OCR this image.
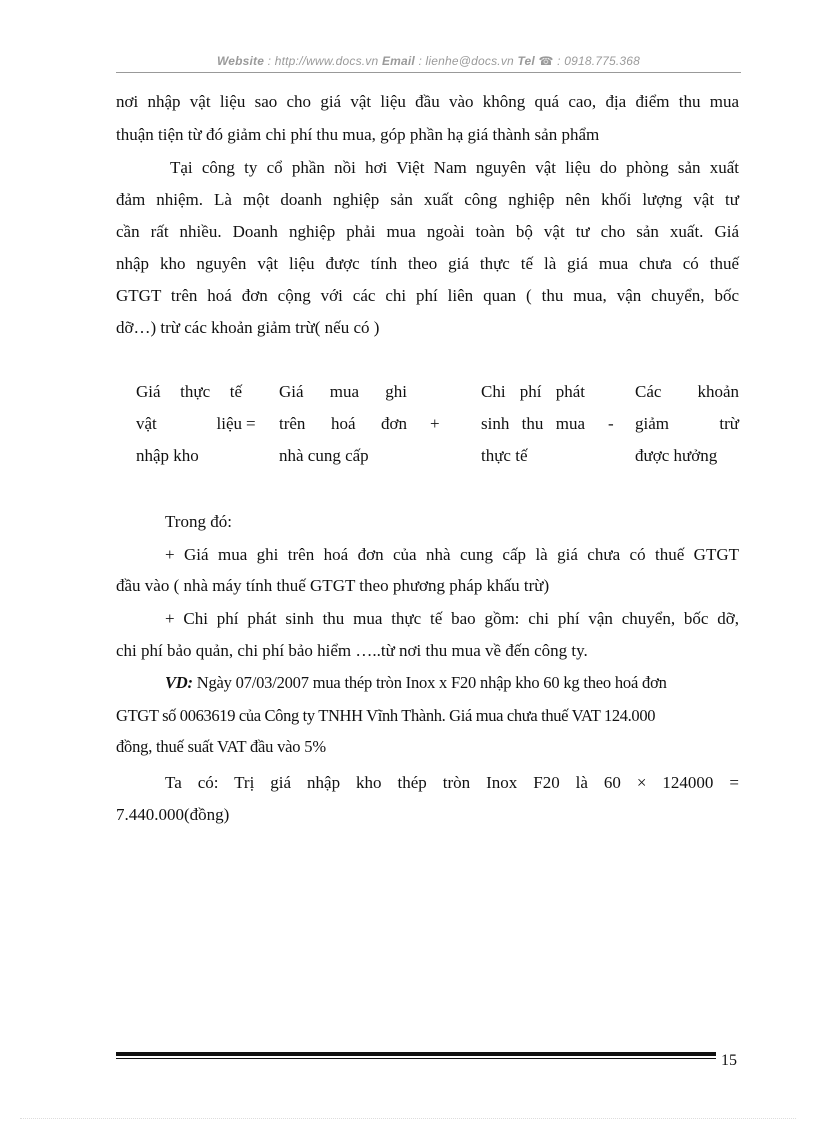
Website : http://www.docs.vn Email : lienhe@docs.vn Tel ☎ : 0918.775.368
nơi nhập vật liệu sao cho giá vật liệu đầu vào không quá cao, địa điểm thu mua
thuận tiện từ đó giảm chi phí thu mua, góp phần hạ giá thành sản phẩm
Tại công ty cổ phần nồi hơi Việt Nam nguyên vật liệu do phòng sản xuất
đảm nhiệm. Là một doanh nghiệp sản xuất công nghiệp nên khối lượng vật tư
cần rất nhiều. Doanh nghiệp phải mua ngoài toàn bộ vật tư cho sản xuất. Giá
nhập kho nguyên vật liệu được tính theo giá thực tế là giá mua chưa có thuế
GTGT trên hoá đơn cộng với các chi phí liên quan ( thu mua, vận chuyển, bốc
dỡ…) trừ các khoản giảm trừ( nếu có )
Giá thực tế
vật liệu
nhập kho
=
Giá mua ghi
trên hoá đơn
nhà cung cấp
+
Chi phí phát
sinh thu mua
thực tế
-
Các khoản
giảm trừ
được hưởng
Trong đó:
+ Giá mua ghi trên hoá đơn của nhà cung cấp là giá chưa có thuế GTGT
đầu vào ( nhà máy tính thuế GTGT theo phương pháp khấu trừ)
+ Chi phí phát sinh thu mua thực tế bao gồm: chi phí vận chuyển, bốc dỡ,
chi phí bảo quản, chi phí bảo hiểm …..từ nơi thu mua về đến công ty.
VD: Ngày 07/03/2007 mua thép tròn Inox x F20 nhập kho 60 kg theo hoá đơn
GTGT số 0063619 của Công ty TNHH Vĩnh Thành. Giá mua chưa thuế VAT 124.000
đồng, thuế suất VAT đầu vào 5%
Ta có: Trị giá nhập kho thép tròn Inox F20 là 60 × 124000 =
7.440.000(đồng)
15
